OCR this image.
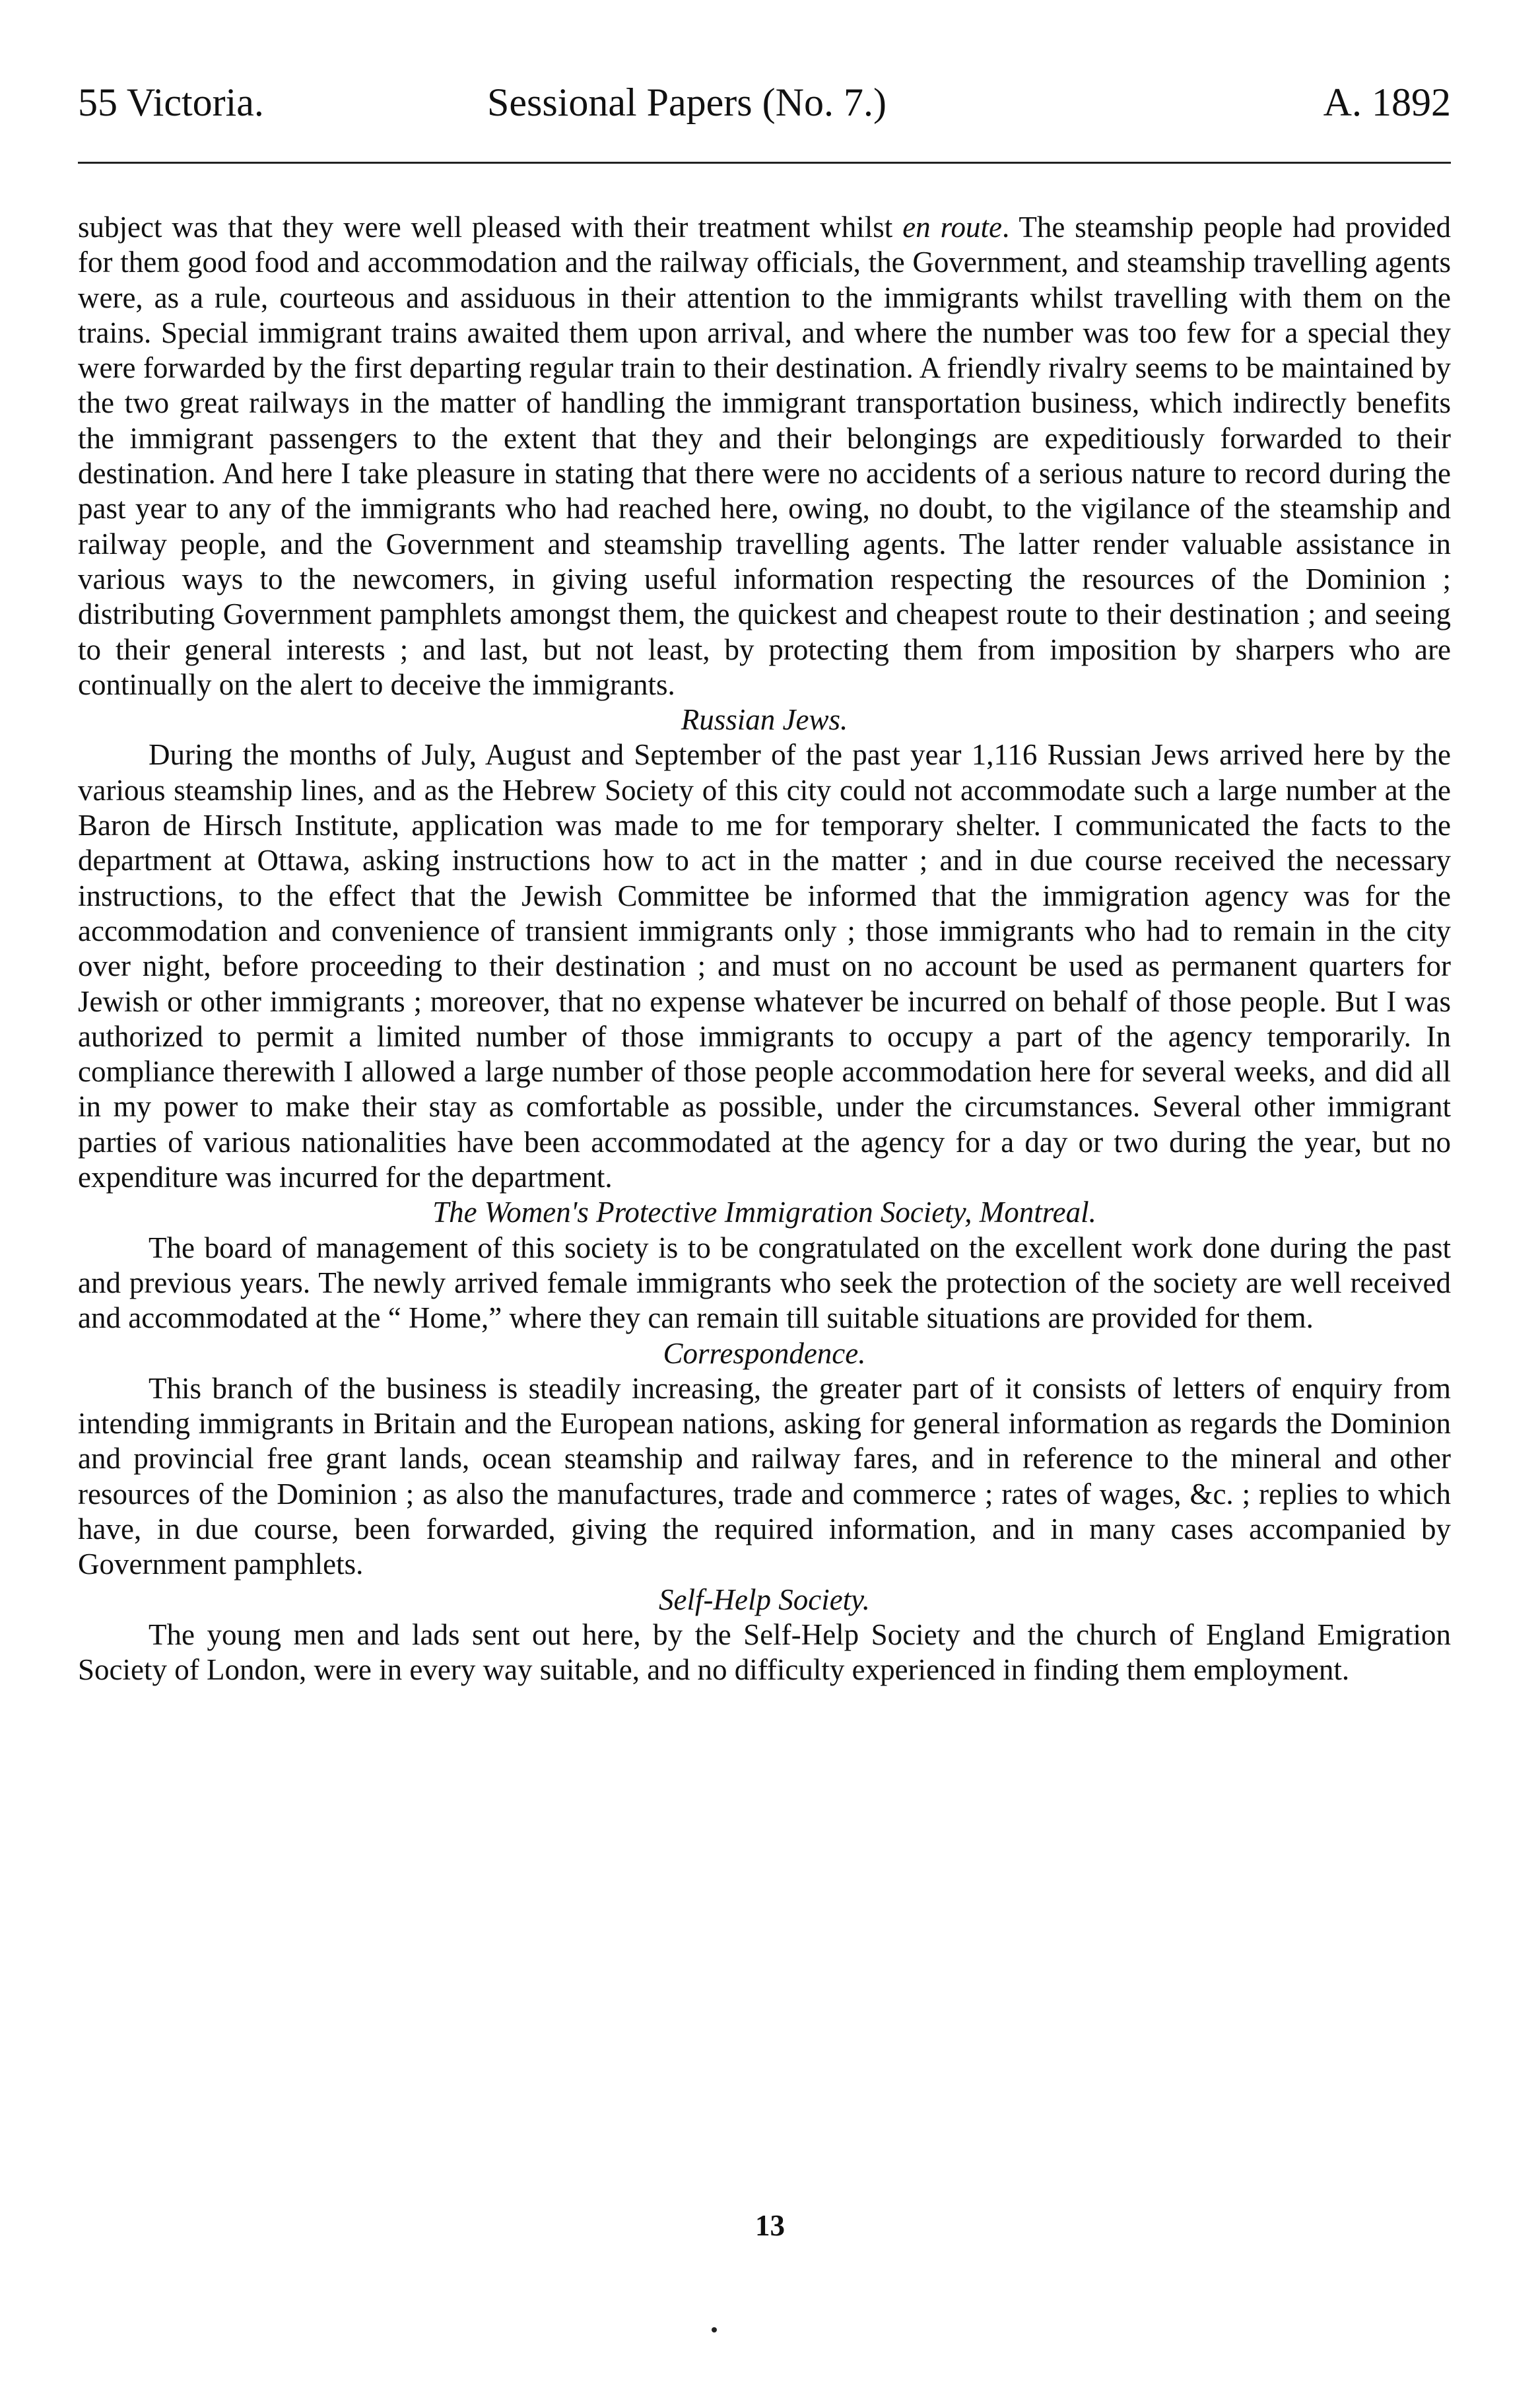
55 Victoria.	Sessional Papers (No. 7.)	A. 1892

subject was that they were well pleased with their treatment whilst en route. The steamship people had provided for them good food and accommodation and the railway officials, the Government, and steamship travelling agents were, as a rule, courteous and assiduous in their attention to the immigrants whilst travelling with them on the trains. Special immigrant trains awaited them upon arrival, and where the number was too few for a special they were forwarded by the first departing regular train to their destination. A friendly rivalry seems to be maintained by the two great railways in the matter of handling the immigrant transportation business, which indirectly benefits the immigrant passengers to the extent that they and their belongings are expeditiously forwarded to their destination. And here I take pleasure in stating that there were no accidents of a serious nature to record during the past year to any of the immigrants who had reached here, owing, no doubt, to the vigilance of the steamship and railway people, and the Government and steamship travelling agents. The latter render valuable assistance in various ways to the newcomers, in giving useful information respecting the resources of the Dominion ; distributing Government pamphlets amongst them, the quickest and cheapest route to their destination ; and seeing to their general interests ; and last, but not least, by protecting them from imposition by sharpers who are continually on the alert to deceive the immigrants.

Russian Jews.

During the months of July, August and September of the past year 1,116 Russian Jews arrived here by the various steamship lines, and as the Hebrew Society of this city could not accommodate such a large number at the Baron de Hirsch Institute, application was made to me for temporary shelter. I communicated the facts to the department at Ottawa, asking instructions how to act in the matter ; and in due course received the necessary instructions, to the effect that the Jewish Committee be informed that the immigration agency was for the accommodation and convenience of transient immigrants only ; those immigrants who had to remain in the city over night, before proceeding to their destination ; and must on no account be used as permanent quarters for Jewish or other immigrants ; moreover, that no expense whatever be incurred on behalf of those people. But I was authorized to permit a limited number of those immigrants to occupy a part of the agency temporarily. In compliance therewith I allowed a large number of those people accommodation here for several weeks, and did all in my power to make their stay as comfortable as possible, under the circumstances. Several other immigrant parties of various nationalities have been accommodated at the agency for a day or two during the year, but no expenditure was incurred for the department.

The Women's Protective Immigration Society, Montreal.

The board of management of this society is to be congratulated on the excellent work done during the past and previous years. The newly arrived female immigrants who seek the protection of the society are well received and accommodated at the “ Home,” where they can remain till suitable situations are provided for them.

Correspondence.

This branch of the business is steadily increasing, the greater part of it consists of letters of enquiry from intending immigrants in Britain and the European nations, asking for general information as regards the Dominion and provincial free grant lands, ocean steamship and railway fares, and in reference to the mineral and other resources of the Dominion ; as also the manufactures, trade and commerce ; rates of wages, &c. ; replies to which have, in due course, been forwarded, giving the required information, and in many cases accompanied by Government pamphlets.

Self-Help Society.

The young men and lads sent out here, by the Self-Help Society and the church of England Emigration Society of London, were in every way suitable, and no difficulty experienced in finding them employment.

13
